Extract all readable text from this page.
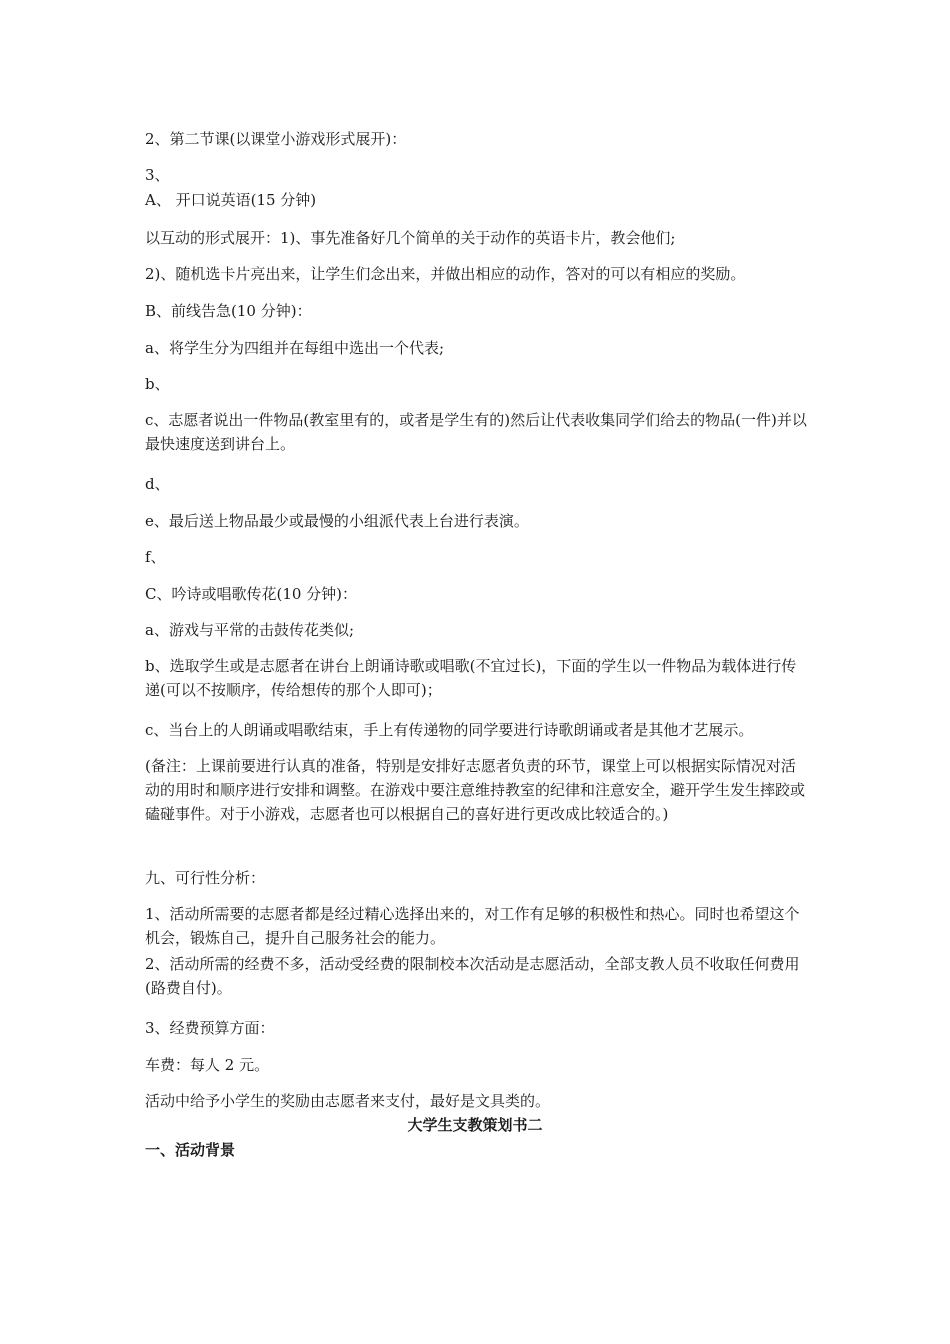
2、第二节课(以课堂小游戏形式展开)：
3、
A、 开口说英语(15 分钟)
以互动的形式展开：1)、事先准备好几个简单的关于动作的英语卡片，教会他们;
2)、随机选卡片亮出来，让学生们念出来，并做出相应的动作，答对的可以有相应的奖励。
B、前线告急(10 分钟)：
a、将学生分为四组并在每组中选出一个代表;
b、
c、志愿者说出一件物品(教室里有的，或者是学生有的)然后让代表收集同学们给去的物品(一件)并以最快速度送到讲台上。
d、
e、最后送上物品最少或最慢的小组派代表上台进行表演。
f、
C、吟诗或唱歌传花(10 分钟)：
a、游戏与平常的击鼓传花类似;
b、选取学生或是志愿者在讲台上朗诵诗歌或唱歌(不宜过长)，下面的学生以一件物品为载体进行传递(可以不按顺序，传给想传的那个人即可)；
c、当台上的人朗诵或唱歌结束，手上有传递物的同学要进行诗歌朗诵或者是其他才艺展示。
(备注：上课前要进行认真的准备，特别是安排好志愿者负责的环节，课堂上可以根据实际情况对活动的用时和顺序进行安排和调整。在游戏中要注意维持教室的纪律和注意安全，避开学生发生摔跤或磕碰事件。对于小游戏，志愿者也可以根据自己的喜好进行更改成比较适合的。)
九、可行性分析：
1、活动所需要的志愿者都是经过精心选择出来的，对工作有足够的积极性和热心。同时也希望这个机会，锻炼自己，提升自己服务社会的能力。
2、活动所需的经费不多，活动受经费的限制校本次活动是志愿活动，全部支教人员不收取任何费用(路费自付)。
3、经费预算方面：
车费：每人 2 元。
活动中给予小学生的奖励由志愿者来支付，最好是文具类的。
大学生支教策划书二
一、活动背景
